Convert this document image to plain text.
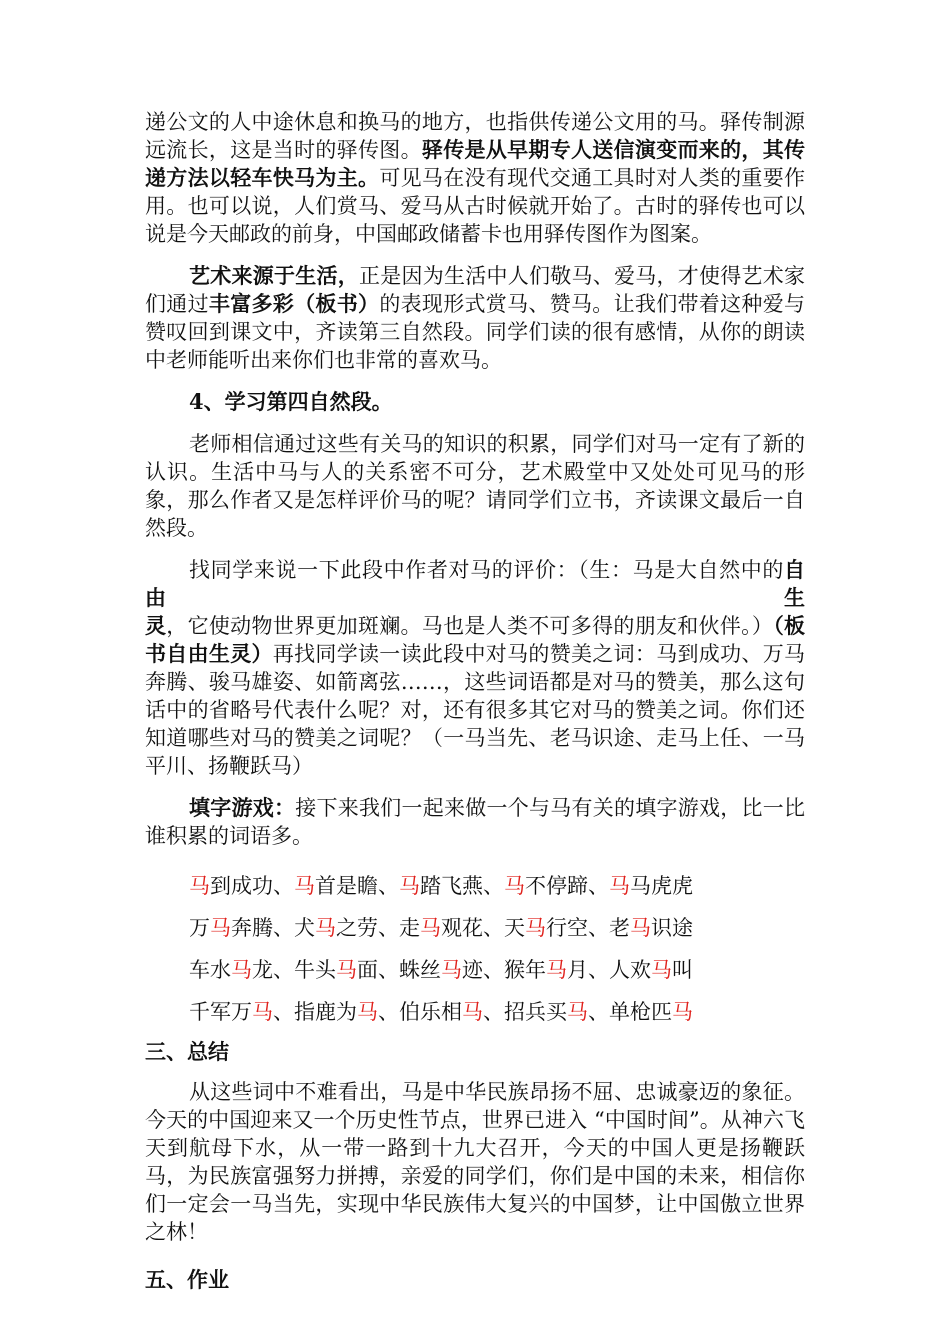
递公文的人中途休息和换马的地方，也指供传递公文用的马。驿传制源远流长，这是当时的驿传图。驿传是从早期专人送信演变而来的，其传递方法以轻车快马为主。可见马在没有现代交通工具时对人类的重要作用。也可以说，人们赏马、爱马从古时候就开始了。古时的驿传也可以说是今天邮政的前身，中国邮政储蓄卡也用驿传图作为图案。

艺术来源于生活，正是因为生活中人们敬马、爱马，才使得艺术家们通过丰富多彩（板书）的表现形式赏马、赞马。让我们带着这种爱与赞叹回到课文中，齐读第三自然段。同学们读的很有感情，从你的朗读中老师能听出来你们也非常的喜欢马。

4、学习第四自然段。

老师相信通过这些有关马的知识的积累，同学们对马一定有了新的认识。生活中马与人的关系密不可分，艺术殿堂中又处处可见马的形象，那么作者又是怎样评价马的呢？请同学们立书，齐读课文最后一自然段。

找同学来说一下此段中作者对马的评价：（生：马是大自然中的自由生灵，它使动物世界更加斑斓。马也是人类不可多得的朋友和伙伴。）（板书自由生灵）再找同学读一读此段中对马的赞美之词：马到成功、万马奔腾、骏马雄姿、如箭离弦……，这些词语都是对马的赞美，那么这句话中的省略号代表什么呢？对，还有很多其它对马的赞美之词。你们还知道哪些对马的赞美之词呢？（一马当先、老马识途、走马上任、一马平川、扬鞭跃马）

填字游戏：接下来我们一起来做一个与马有关的填字游戏，比一比谁积累的词语多。

马到成功、马首是瞻、马踏飞燕、马不停蹄、马马虎虎
万马奔腾、犬马之劳、走马观花、天马行空、老马识途
车水马龙、牛头马面、蛛丝马迹、猴年马月、人欢马叫
千军万马、指鹿为马、伯乐相马、招兵买马、单枪匹马

三、总结

从这些词中不难看出，马是中华民族昂扬不屈、忠诚豪迈的象征。今天的中国迎来又一个历史性节点，世界已进入 “中国时间”。从神六飞天到航母下水，从一带一路到十九大召开，今天的中国人更是扬鞭跃马，为民族富强努力拼搏，亲爱的同学们，你们是中国的未来，相信你们一定会一马当先，实现中华民族伟大复兴的中国梦，让中国傲立世界之林！

五、作业
